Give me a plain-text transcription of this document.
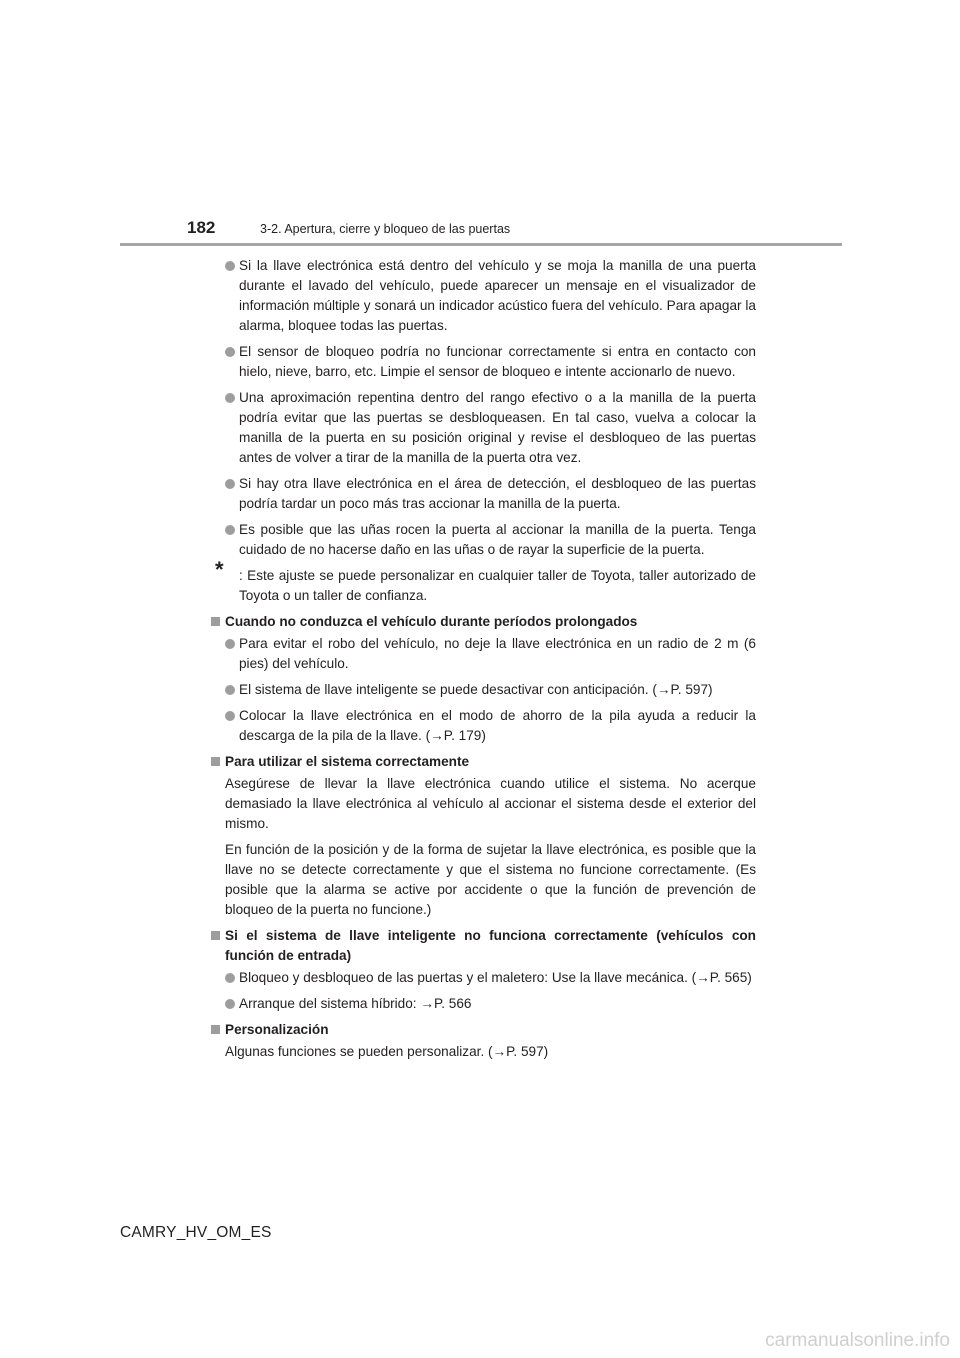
182	3-2. Apertura, cierre y bloqueo de las puertas
Si la llave electrónica está dentro del vehículo y se moja la manilla de una puerta durante el lavado del vehículo, puede aparecer un mensaje en el visualizador de información múltiple y sonará un indicador acústico fuera del vehículo. Para apagar la alarma, bloquee todas las puertas.
El sensor de bloqueo podría no funcionar correctamente si entra en contacto con hielo, nieve, barro, etc. Limpie el sensor de bloqueo e intente accionarlo de nuevo.
Una aproximación repentina dentro del rango efectivo o a la manilla de la puerta podría evitar que las puertas se desbloqueasen. En tal caso, vuelva a colocar la manilla de la puerta en su posición original y revise el desbloqueo de las puertas antes de volver a tirar de la manilla de la puerta otra vez.
Si hay otra llave electrónica en el área de detección, el desbloqueo de las puertas podría tardar un poco más tras accionar la manilla de la puerta.
Es posible que las uñas rocen la puerta al accionar la manilla de la puerta. Tenga cuidado de no hacerse daño en las uñas o de rayar la superficie de la puerta.
* : Este ajuste se puede personalizar en cualquier taller de Toyota, taller autorizado de Toyota o un taller de confianza.
Cuando no conduzca el vehículo durante períodos prolongados
Para evitar el robo del vehículo, no deje la llave electrónica en un radio de 2 m (6 pies) del vehículo.
El sistema de llave inteligente se puede desactivar con anticipación. (→P. 597)
Colocar la llave electrónica en el modo de ahorro de la pila ayuda a reducir la descarga de la pila de la llave. (→P. 179)
Para utilizar el sistema correctamente
Asegúrese de llevar la llave electrónica cuando utilice el sistema. No acerque demasiado la llave electrónica al vehículo al accionar el sistema desde el exterior del mismo.
En función de la posición y de la forma de sujetar la llave electrónica, es posible que la llave no se detecte correctamente y que el sistema no funcione correctamente. (Es posible que la alarma se active por accidente o que la función de prevención de bloqueo de la puerta no funcione.)
Si el sistema de llave inteligente no funciona correctamente (vehículos con función de entrada)
Bloqueo y desbloqueo de las puertas y el maletero: Use la llave mecánica. (→P. 565)
Arranque del sistema híbrido: →P. 566
Personalización
Algunas funciones se pueden personalizar. (→P. 597)
CAMRY_HV_OM_ES
carmanualsonline.info
